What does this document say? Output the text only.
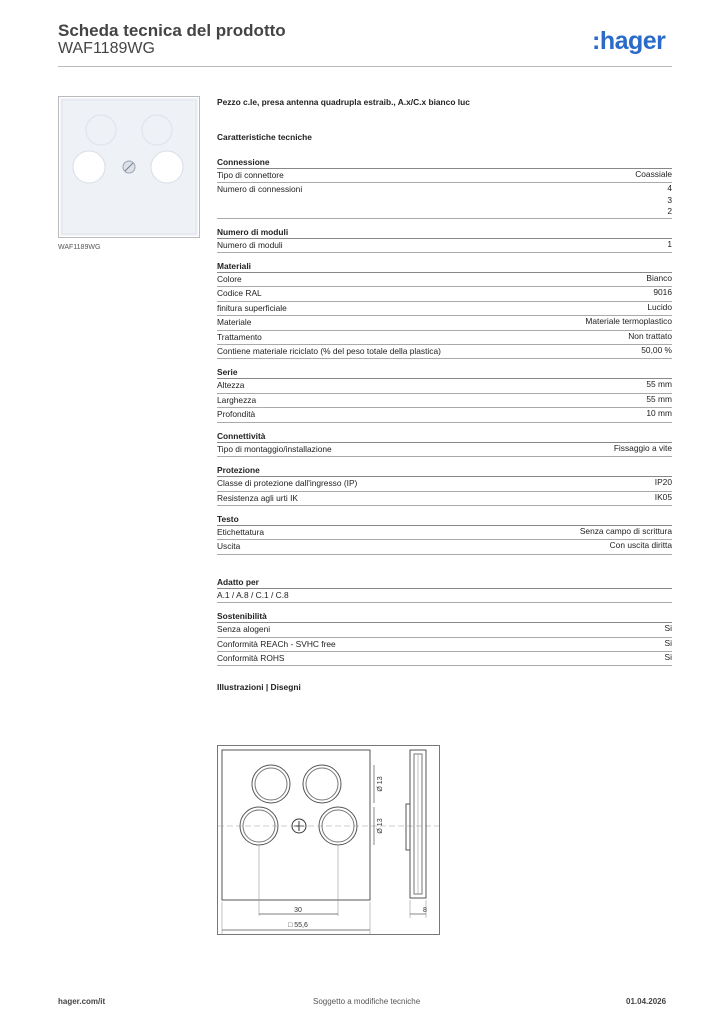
Scheda tecnica del prodotto
WAF1189WG	:hager
WAF1189WG
Pezzo c.le, presa antenna quadrupla estraib., A.x/C.x bianco luc
Caratteristiche tecniche
Connessione
Tipo di connettore	Coassiale
Numero di connessioni	4
3
2
Numero di moduli
Numero di moduli	1
Materiali
Colore	Bianco
Codice RAL	9016
finitura superficiale	Lucido
Materiale	Materiale termoplastico
Trattamento	Non trattato
Contiene materiale riciclato (% del peso totale della plastica)	50,00 %
Serie
Altezza	55 mm
Larghezza	55 mm
Profondità	10 mm
Connettività
Tipo di montaggio/installazione	Fissaggio a vite
Protezione
Classe di protezione dall'ingresso (IP)	IP20
Resistenza agli urti IK	IK05
Testo
Etichettatura	Senza campo di scrittura
Uscita	Con uscita diritta
Adatto per
A.1 / A.8 / C.1 / C.8
Sostenibilità
Senza alogeni	Si
Conformità REACh - SVHC free	Si
Conformità ROHS	Si
Illustrazioni | Disegni
30
□ 55,6
Ø 13
Ø 13
8
hager.com/it	Soggetto a modifiche tecniche	01.04.2026
